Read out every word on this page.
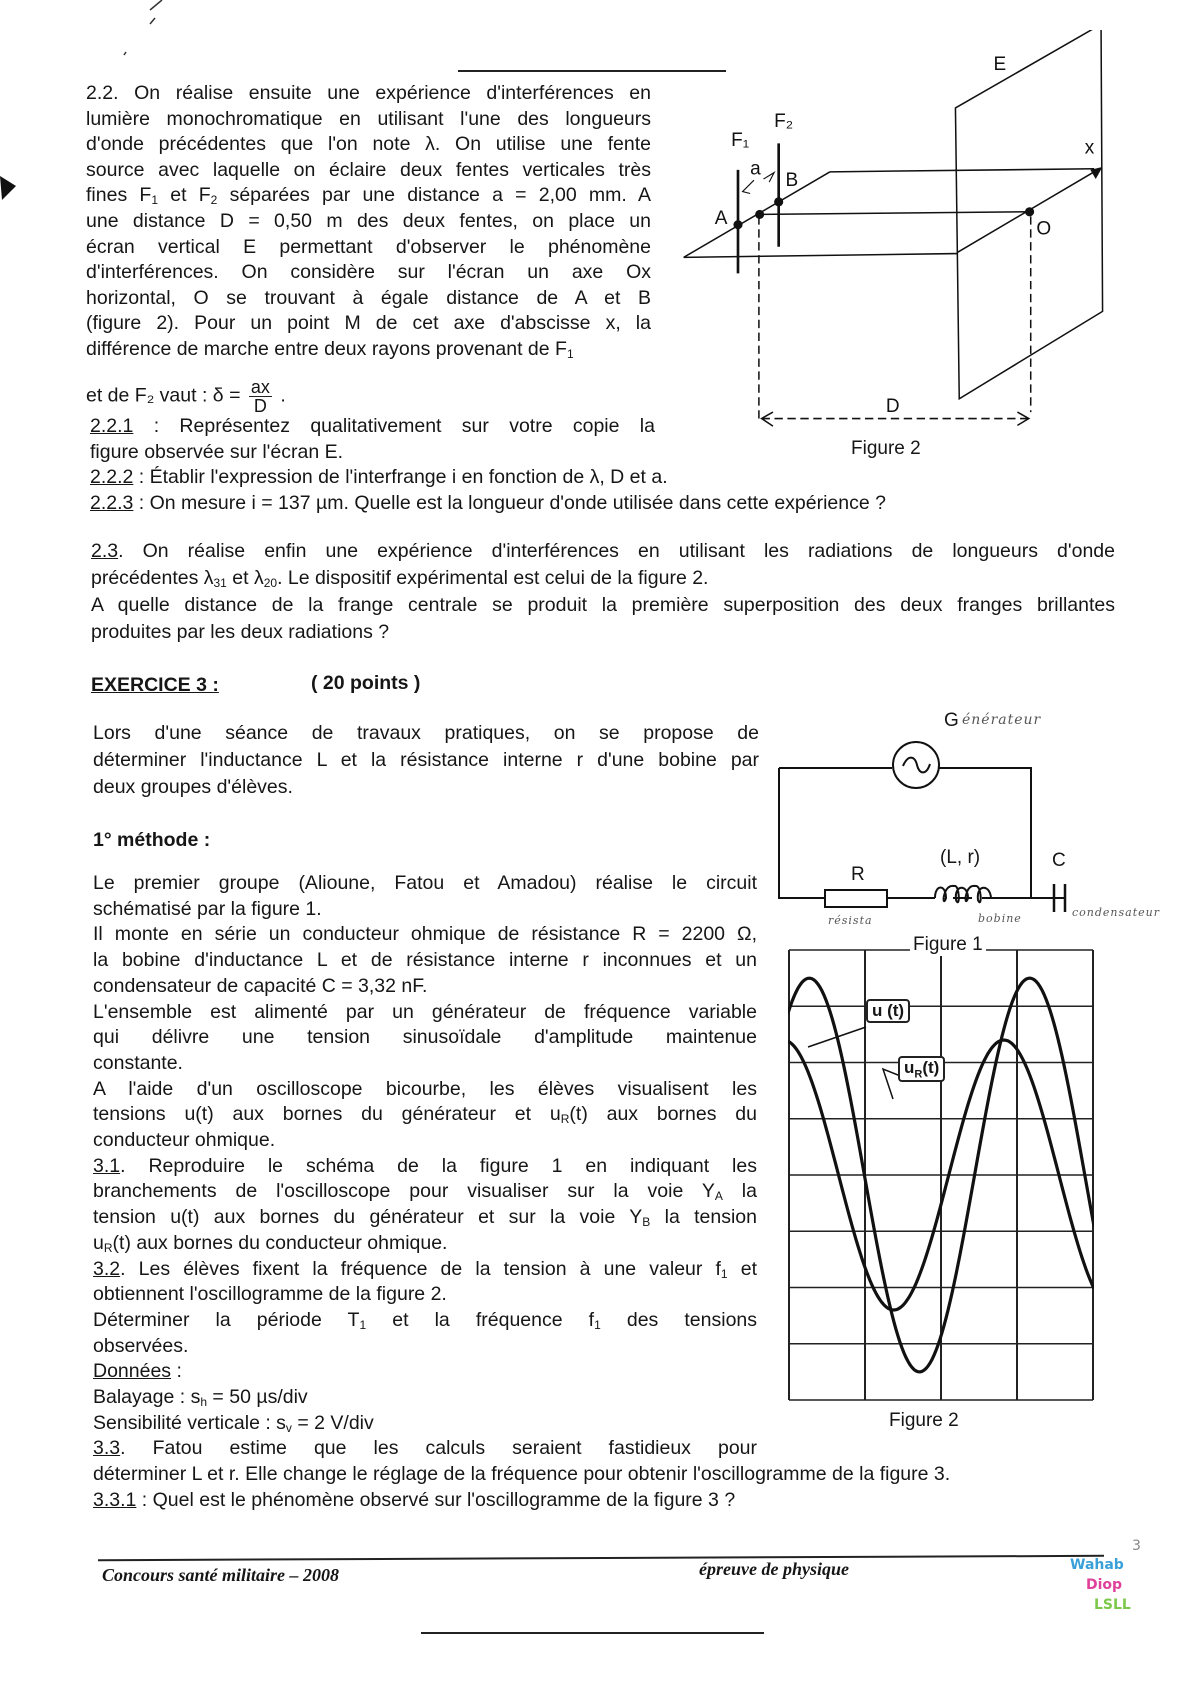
2.2. On réalise ensuite une expérience d'interférences en
lumière monochromatique en utilisant l'une des longueurs
d'onde précédentes que l'on note λ. On utilise une fente
source avec laquelle on éclaire deux fentes verticales très
fines $F_1$ et $F_2$ séparées par une distance a = 2,00 mm. A
une distance D = 0,50 m des deux fentes, on place un
écran vertical E permettant d'observer le phénomène
d'interférences. On considère sur l'écran un axe Ox
horizontal, O se trouvant à égale distance de A et B
(figure 2). Pour un point M de cet axe d'abscisse x, la
différence de marche entre deux rayons provenant de $F_1$
et de F₂ vaut : $\delta = \frac{ax}{D}$ .
2.2.1 : Représentez qualitativement sur votre copie la
figure observée sur l'écran E.
2.2.2 : Établir l'expression de l'interfrange i en fonction de λ, D et a.
2.2.3 : On mesure i = 137 µm. Quelle est la longueur d'onde utilisée dans cette expérience ?
2.3. On réalise enfin une expérience d'interférences en utilisant les radiations de longueurs d'onde
précédentes $\lambda_{31}$ et $\lambda_{20}$. Le dispositif expérimental est celui de la figure 2.
A quelle distance de la frange centrale se produit la première superposition des deux franges brillantes
produites par les deux radiations ?
E
F₂
F₁	x
a
B
A
O
D
Figure 2
EXERCICE 3 :	( 20 points )
Lors d'une séance de travaux pratiques, on se propose de
déterminer l'inductance L et la résistance interne r d'une bobine par
deux groupes d'élèves.
1° méthode :
Le premier groupe (Alioune, Fatou et Amadou) réalise le circuit
schématisé par la figure 1.
Il monte en série un conducteur ohmique de résistance R = 2200 Ω,
la bobine d'inductance L et de résistance interne r inconnues et un
condensateur de capacité C = 3,32 nF.
L'ensemble est alimenté par un générateur de fréquence variable
qui délivre une tension sinusoïdale d'amplitude maintenue
constante.
A l'aide d'un oscilloscope bicourbe, les élèves visualisent les
tensions u(t) aux bornes du générateur et $u_R(t)$ aux bornes du
conducteur ohmique.
3.1. Reproduire le schéma de la figure 1 en indiquant les
branchements de l'oscilloscope pour visualiser sur la voie $Y_A$ la
tension u(t) aux bornes du générateur et sur la voie $Y_B$ la tension
$u_R(t)$ aux bornes du conducteur ohmique.
3.2. Les élèves fixent la fréquence de la tension à une valeur $f_1$ et
obtiennent l'oscillogramme de la figure 2.
Déterminer la période $T_1$ et la fréquence $f_1$ des tensions
observées.
Données :
Balayage : $s_h = 50$ µs/div
Sensibilité verticale : $s_v = 2$ V/div
3.3. Fatou estime que les calculs seraient fastidieux pour
déterminer L et r. Elle change le réglage de la fréquence pour obtenir l'oscillogramme de la figure 3.
3.3.1 : Quel est le phénomène observé sur l'oscillogramme de la figure 3 ?
G énérateur
R
résista
(L, r)
bobine
C
condensateur
Figure 1
u (t)
$u_R(t)$
Figure 2
Concours santé militaire – 2008	épreuve de physique	Wahab
Diop
LSLL
3
